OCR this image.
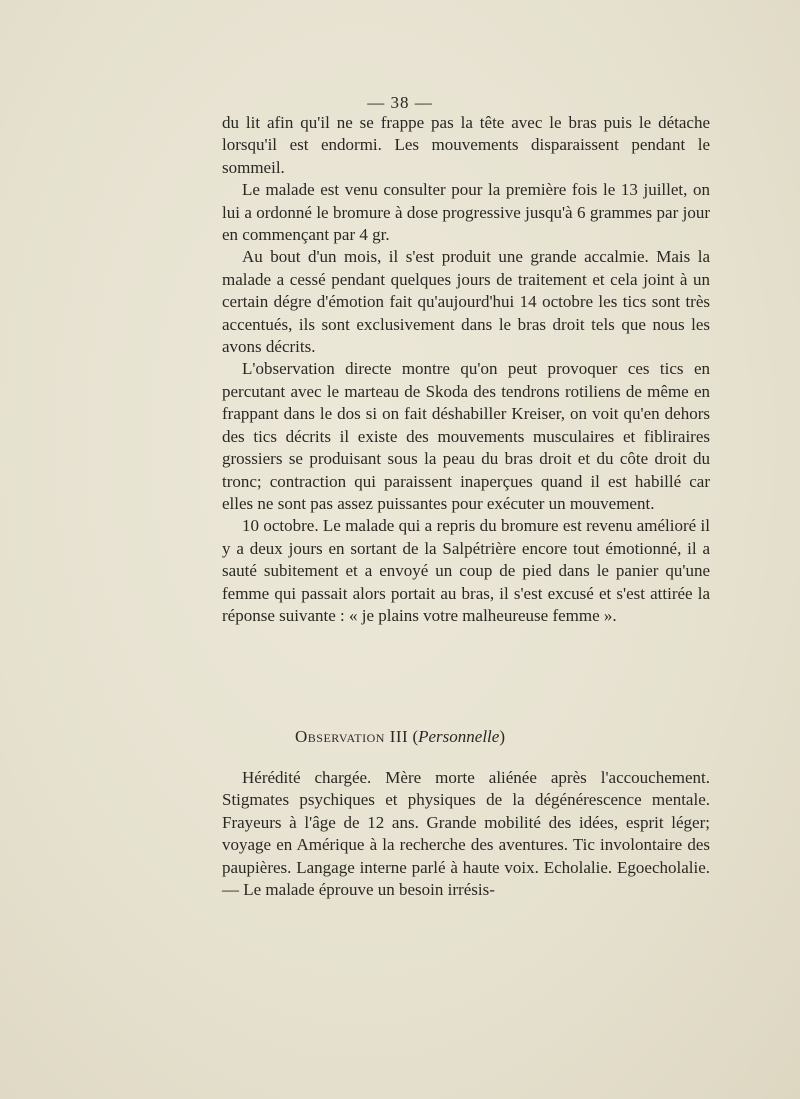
— 38 —

du lit afin qu'il ne se frappe pas la tête avec le bras puis le détache lorsqu'il est endormi. Les mouvements disparaissent pendant le sommeil.

Le malade est venu consulter pour la première fois le 13 juillet, on lui a ordonné le bromure à dose progressive jusqu'à 6 grammes par jour en commençant par 4 gr.

Au bout d'un mois, il s'est produit une grande accalmie. Mais la malade a cessé pendant quelques jours de traitement et cela joint à un certain dégre d'émotion fait qu'aujourd'hui 14 octobre les tics sont très accentués, ils sont exclusivement dans le bras droit tels que nous les avons décrits.

L'observation directe montre qu'on peut provoquer ces tics en percutant avec le marteau de Skoda des tendrons rotiliens de même en frappant dans le dos si on fait déshabiller Kreiser, on voit qu'en dehors des tics décrits il existe des mouvements musculaires et fibliraires grossiers se produisant sous la peau du bras droit et du côte droit du tronc; contraction qui paraissent inaperçues quand il est habillé car elles ne sont pas assez puissantes pour exécuter un mouvement.

10 octobre. Le malade qui a repris du bromure est revenu amélioré il y a deux jours en sortant de la Salpétrière encore tout émotionné, il a sauté subitement et a envoyé un coup de pied dans le panier qu'une femme qui passait alors portait au bras, il s'est excusé et s'est attirée la réponse suivante : « je plains votre malheureuse femme ».

Observation III (Personnelle)

Hérédité chargée. Mère morte aliénée après l'accouchement. Stigmates psychiques et physiques de la dégénérescence mentale. Frayeurs à l'âge de 12 ans. Grande mobilité des idées, esprit léger; voyage en Amérique à la recherche des aventures. Tic involontaire des paupières. Langage interne parlé à haute voix. Echolalie. Egoecholalie. — Le malade éprouve un besoin irrésis-
